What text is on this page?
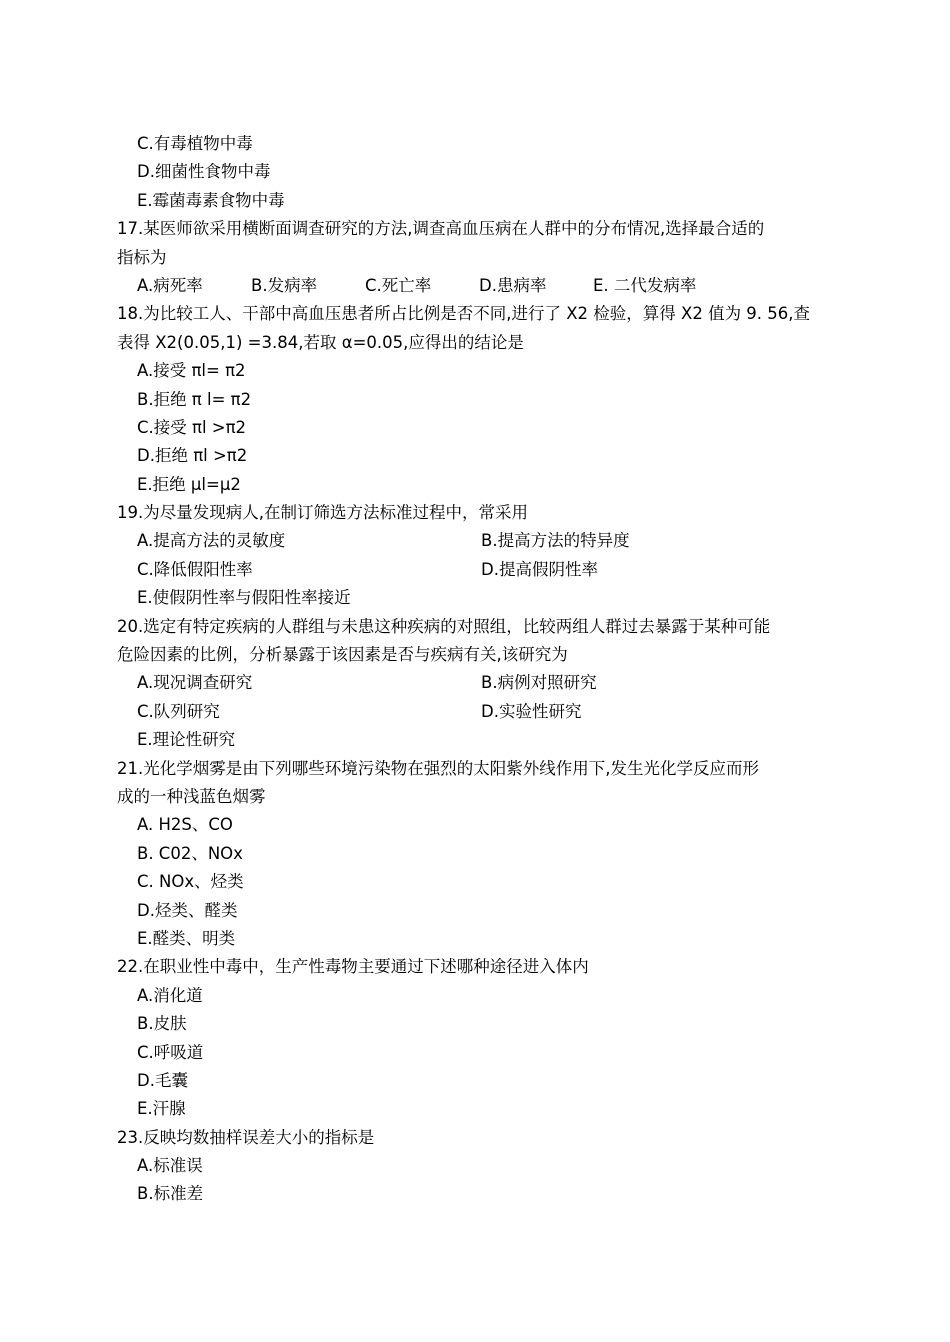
C.有毒植物中毒
D.细菌性食物中毒
E.霉菌毒素食物中毒
17.某医师欲采用横断面调查研究的方法,调查高血压病在人群中的分布情况,选择最合适的
指标为
A.病死率	B.发病率	C.死亡率	D.患病率	E. 二代发病率
18.为比较工人、干部中高血压患者所占比例是否不同,进行了 X2 检验，算得 X2 值为 9. 56,查
表得 X2(0.05,1) =3.84,若取 α=0.05,应得出的结论是
A.接受 πl= π2
B.拒绝 π l= π2
C.接受 πl >π2
D.拒绝 πl >π2
E.拒绝 μl=μ2
19.为尽量发现病人,在制订筛选方法标准过程中，常采用
A.提高方法的灵敏度	B.提高方法的特异度
C.降低假阳性率	D.提高假阴性率
E.使假阴性率与假阳性率接近
20.选定有特定疾病的人群组与未患这种疾病的对照组，比较两组人群过去暴露于某种可能
危险因素的比例，分析暴露于该因素是否与疾病有关,该研究为
A.现况调查研究	B.病例对照研究
C.队列研究	D.实验性研究
E.理论性研究
21.光化学烟雾是由下列哪些环境污染物在强烈的太阳紫外线作用下,发生光化学反应而形
成的一种浅蓝色烟雾
A. H2S、CO
B. C02、NOx
C. NOx、烃类
D.烃类、醛类
E.醛类、明类
22.在职业性中毒中，生产性毒物主要通过下述哪种途径进入体内
A.消化道
B.皮肤
C.呼吸道
D.毛囊
E.汗腺
23.反映均数抽样误差大小的指标是
A.标准误
B.标准差
